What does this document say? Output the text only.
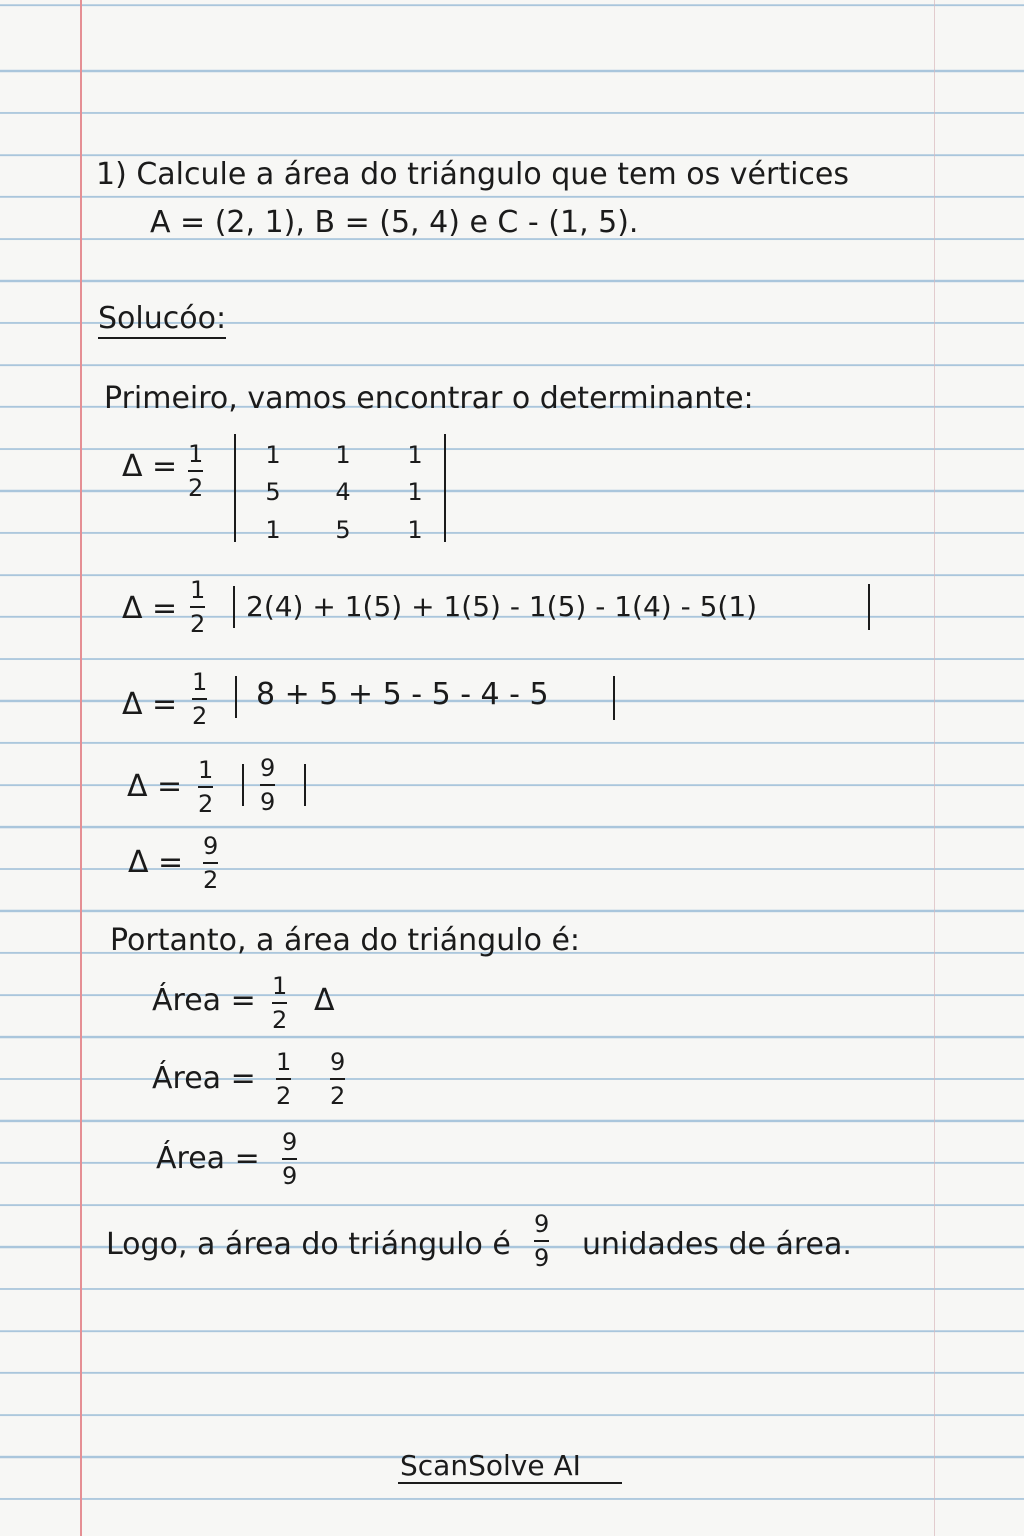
1) Calcule a área do triángulo que tem os vértices
A = (2, 1), B = (5, 4) e C - (1, 5).
Solucóo:
Primeiro, vamos encontrar o determinante:
Δ = 1
2
1	1	1
5	4	1
1	5	1
Δ =
1
2
2(4) + 1(5) + 1(5) - 1(5) - 1(4) - 5(1)
Δ =
1
2
8 + 5 + 5 - 5 - 4 - 5
Δ = 1
2
9
9
Δ = 9
2
Portanto, a área do triángulo é:
Área = 1
2
Δ
Área = 1
2
9
2
Área = 9
9
Logo, a área do triángulo é
9
9 unidades de área.
ScanSolve AI
